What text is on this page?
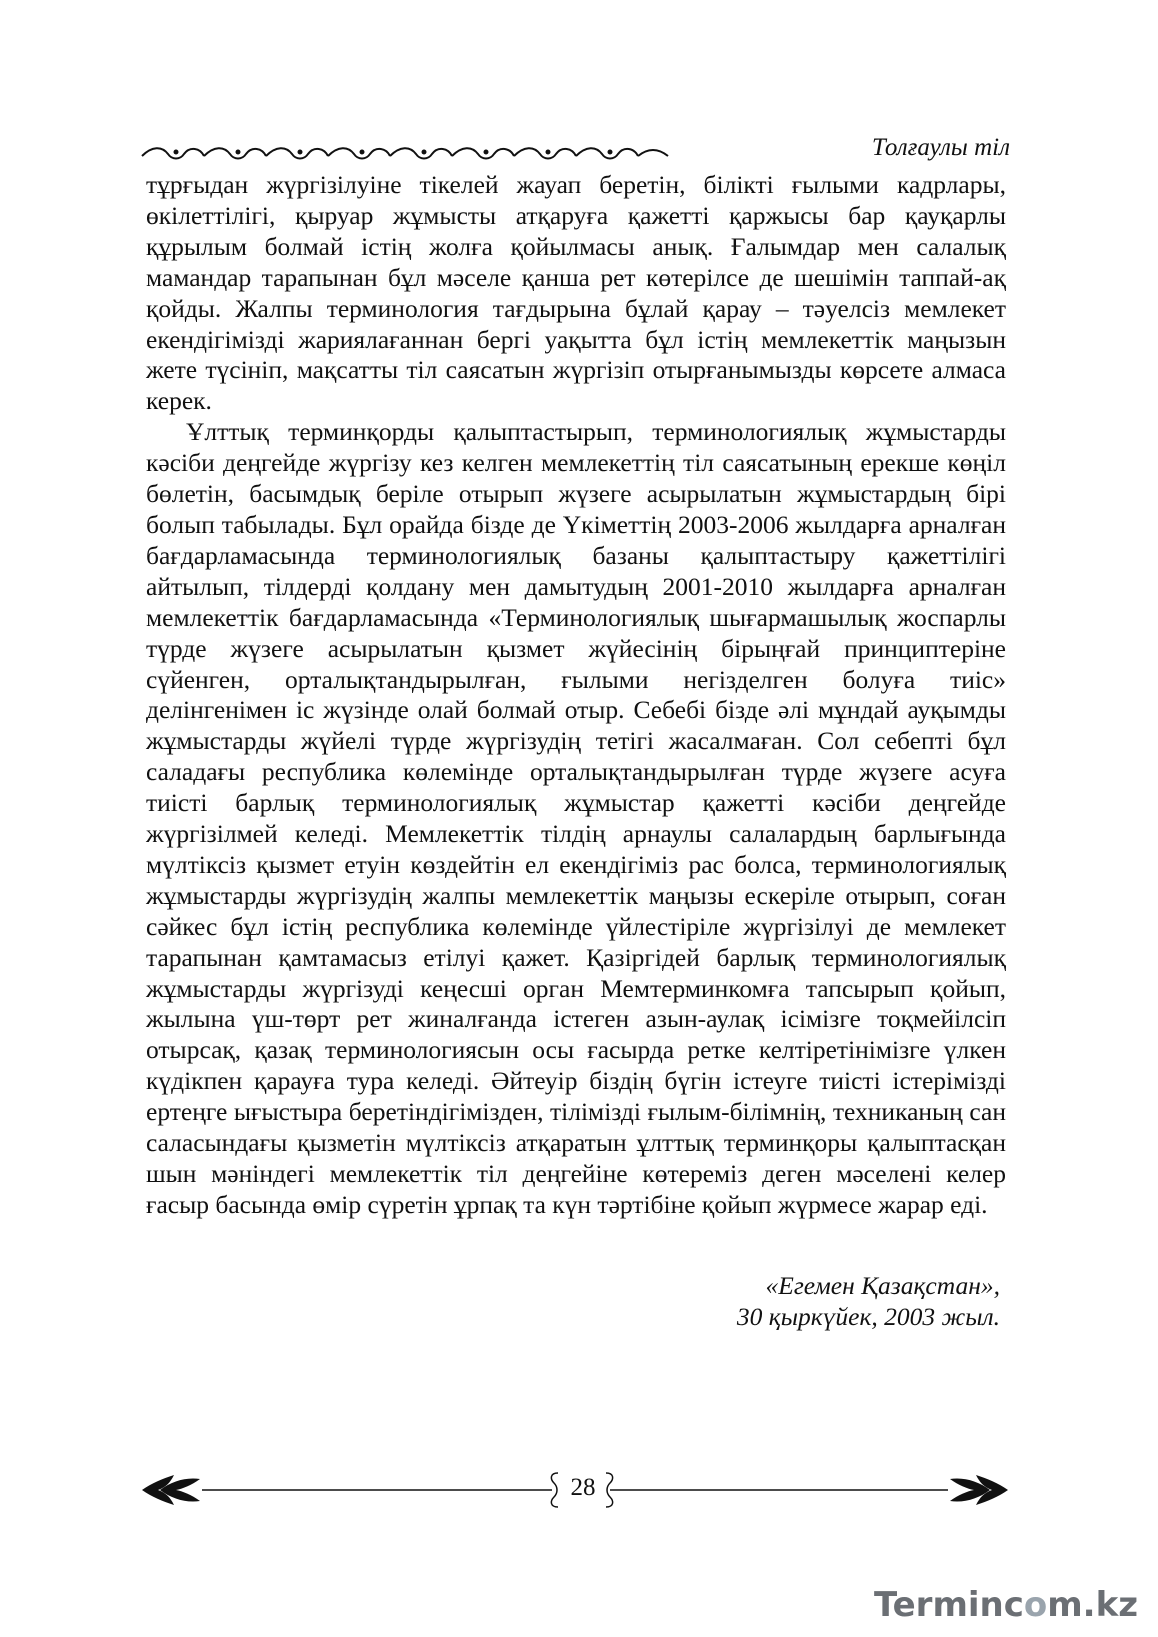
Толғаулы тіл

тұрғыдан жүргізілуіне тікелей жауап беретін, білікті ғылыми кадрлары, өкілеттілігі, қыруар жұмысты атқаруға қажетті қаржысы бар қауқарлы құрылым болмай істің жолға қойылмасы анық. Ғалымдар мен салалық мамандар тарапынан бұл мәселе қанша рет көтерілсе де шешімін таппай-ақ қойды. Жалпы терминология тағдырына бұлай қарау – тәуелсіз мемлекет екендігімізді жариялағаннан бергі уақытта бұл істің мемлекеттік маңызын жете түсініп, мақсатты тіл саясатын жүргізіп отырғанымызды көрсете алмаса керек.

Ұлттық терминқорды қалыптастырып, терминологиялық жұмыстарды кәсіби деңгейде жүргізу кез келген мемлекеттің тіл саясатының ерекше көңіл бөлетін, басымдық беріле отырып жүзеге асырылатын жұмыстардың бірі болып табылады. Бұл орайда бізде де Үкіметтің 2003-2006 жылдарға арналған бағдарламасында терминологиялық базаны қалыптастыру қажеттілігі айтылып, тілдерді қолдану мен дамытудың 2001-2010 жылдарға арналған мемлекеттік бағдарламасында «Терминологиялық шығармашылық жоспарлы түрде жүзеге асырылатын қызмет жүйесінің бірыңғай принциптеріне сүйенген, орталықтандырылған, ғылыми негізделген болуға тиіс» делінгенімен іс жүзінде олай болмай отыр. Себебі бізде әлі мұндай ауқымды жұмыстарды жүйелі түрде жүргізудің тетігі жасалмаған. Сол себепті бұл саладағы республика көлемінде орталықтандырылған түрде жүзеге асуға тиісті барлық терминологиялық жұмыстар қажетті кәсіби деңгейде жүргізілмей келеді. Мемлекеттік тілдің арнаулы салалардың барлығында мүлтіксіз қызмет етуін көздейтін ел екендігіміз рас болса, терминологиялық жұмыстарды жүргізудің жалпы мемлекеттік маңызы ескеріле отырып, соған сәйкес бұл істің республика көлемінде үйлестіріле жүргізілуі де мемлекет тарапынан қамтамасыз етілуі қажет. Қазіргідей барлық терминологиялық жұмыстарды жүргізуді кеңесші орган Мемтерминкомға тапсырып қойып, жылына үш-төрт рет жиналғанда істеген азын-аулақ ісімізге тоқмейілсіп отырсақ, қазақ терминологиясын осы ғасырда ретке келтіретінімізге үлкен күдікпен қарауға тура келеді. Әйтеуір біздің бүгін істеуге тиісті істерімізді ертеңге ығыстыра беретіндігімізден, тілімізді ғылым-білімнің, техниканың сан саласындағы қызметін мүлтіксіз атқаратын ұлттық терминқоры қалыптасқан шын мәніндегі мемлекеттік тіл деңгейіне көтереміз деген мәселені келер ғасыр басында өмір сүретін ұрпақ та күн тәртібіне қойып жүрмесе жарар еді.

«Егемен Қазақстан»,
30 қыркүйек, 2003 жыл.
28
Termincom.kz
